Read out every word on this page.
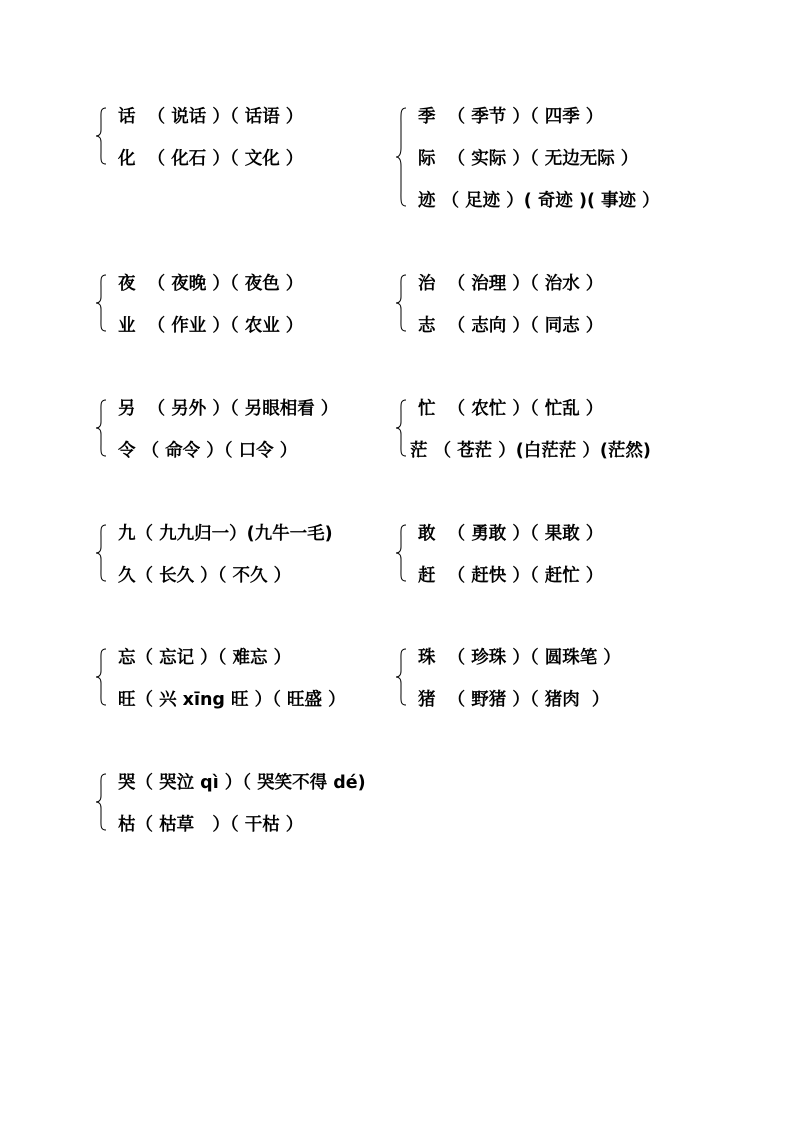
话  （ 说话 ）（ 话语 ）
化  （ 化石 ）（ 文化 ）
季  （ 季节 ）（ 四季 ）
际  （ 实际 ）（ 无边无际 ）
迹 （ 足迹 ）( 奇迹 )( 事迹 ）
夜  （ 夜晚 ）（ 夜色 ）
业  （ 作业 ）（ 农业 ）
治  （ 治理 ）（ 治水 ）
志  （ 志向 ）（ 同志 ）
另  （ 另外 ）（ 另眼相看 ）
令 （ 命令 ）（ 口令 ）
忙  （ 农忙 ）（ 忙乱 ）
茫 （ 苍茫 ）(白茫茫 ）(茫然)
九（ 九九归一）(九牛一毛)
久（ 长久 ）（ 不久 ）
敢  （ 勇敢 ）（ 果敢 ）
赶  （ 赶快 ）（ 赶忙 ）
忘（ 忘记 ）（ 难忘 ）
旺（ 兴 xīng 旺 ）（ 旺盛 ）
珠  （ 珍珠 ）（ 圆珠笔 ）
猪  （ 野猪 ）（ 猪肉  ）
哭（ 哭泣 qì ）（ 哭笑不得 dé)
枯（ 枯草   ）（ 干枯 ）
